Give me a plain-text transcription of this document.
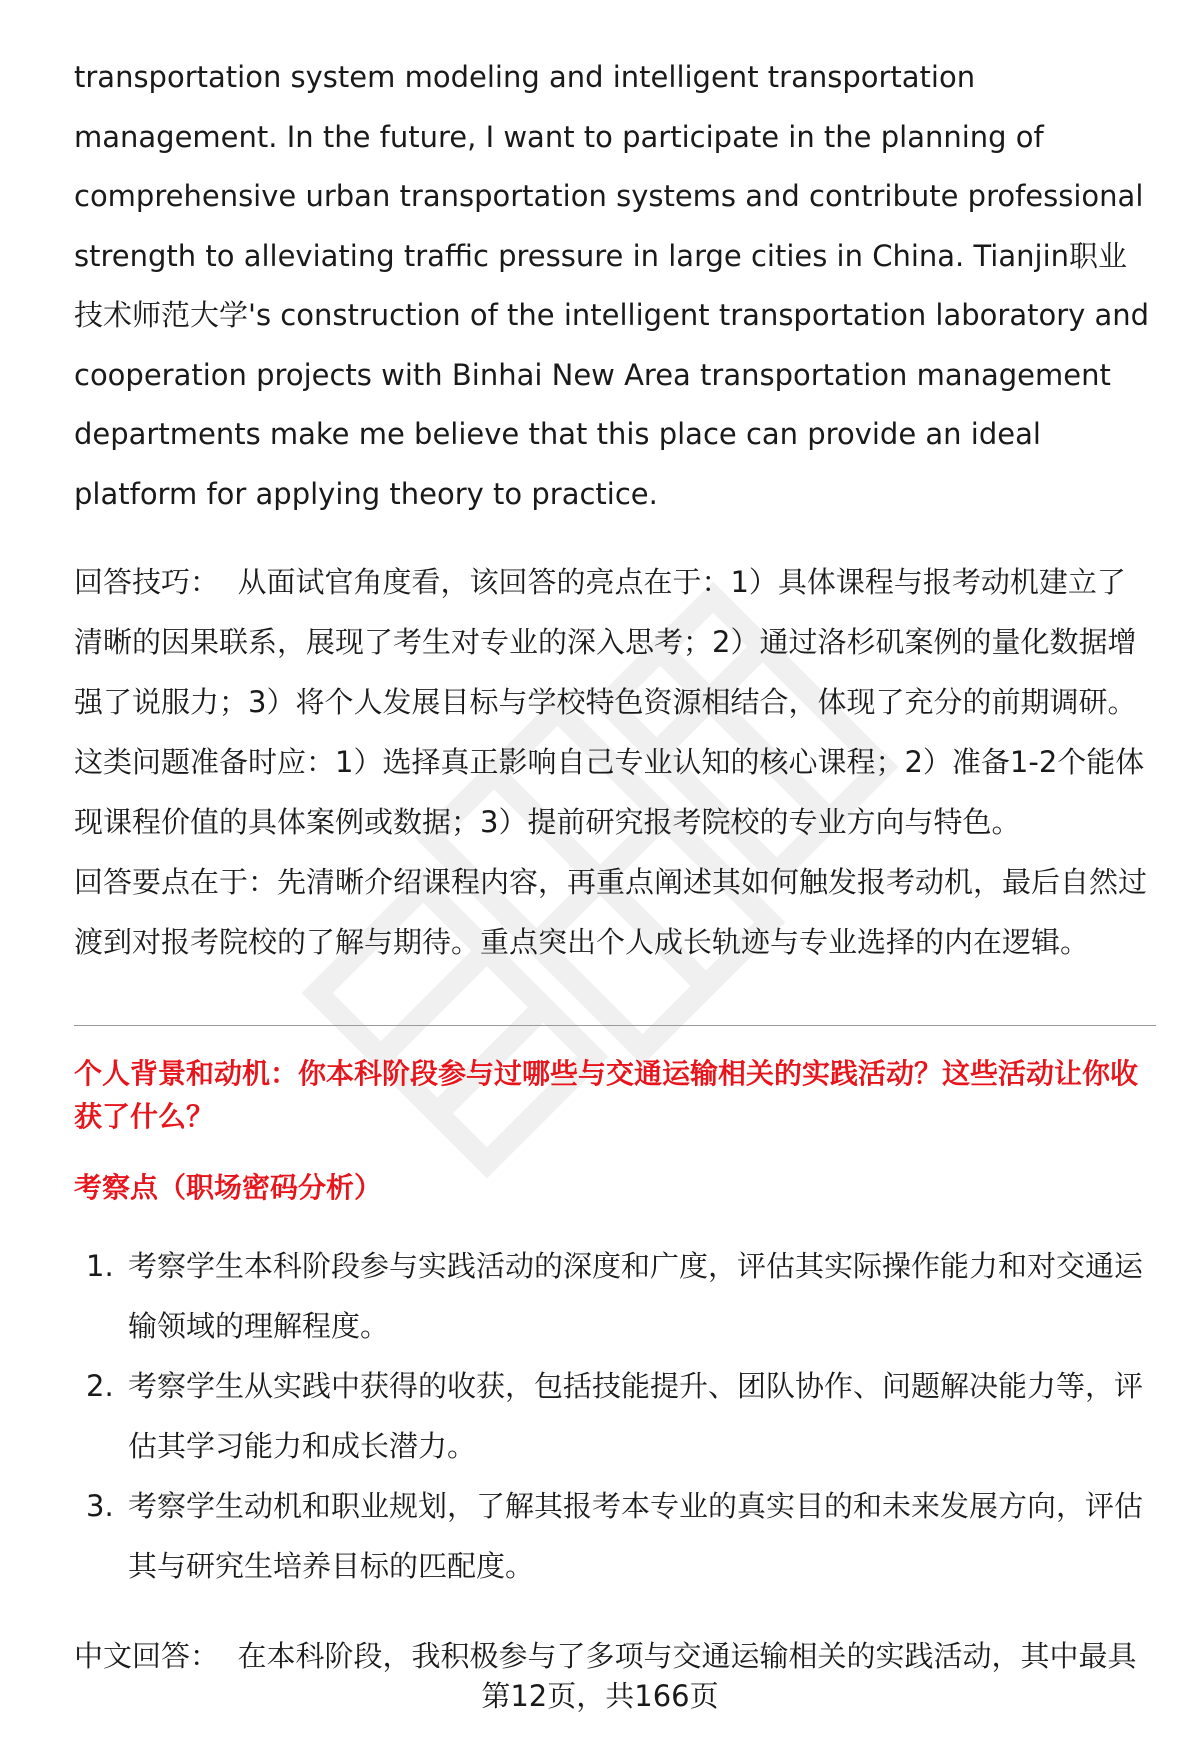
transportation system modeling and intelligent transportation management. In the future, I want to participate in the planning of comprehensive urban transportation systems and contribute professional strength to alleviating traffic pressure in large cities in China. Tianjin职业技术师范大学's construction of the intelligent transportation laboratory and cooperation projects with Binhai New Area transportation management departments make me believe that this place can provide an ideal platform for applying theory to practice.

回答技巧： 从面试官角度看，该回答的亮点在于：1）具体课程与报考动机建立了清晰的因果联系，展现了考生对专业的深入思考；2）通过洛杉矶案例的量化数据增强了说服力；3）将个人发展目标与学校特色资源相结合，体现了充分的前期调研。这类问题准备时应：1）选择真正影响自己专业认知的核心课程；2）准备1-2个能体现课程价值的具体案例或数据；3）提前研究报考院校的专业方向与特色。

回答要点在于：先清晰介绍课程内容，再重点阐述其如何触发报考动机，最后自然过渡到对报考院校的了解与期待。重点突出个人成长轨迹与专业选择的内在逻辑。

个人背景和动机：你本科阶段参与过哪些与交通运输相关的实践活动？这些活动让你收获了什么？

考察点（职场密码分析）

1. 考察学生本科阶段参与实践活动的深度和广度，评估其实际操作能力和对交通运输领域的理解程度。
2. 考察学生从实践中获得的收获，包括技能提升、团队协作、问题解决能力等，评估其学习能力和成长潜力。
3. 考察学生动机和职业规划，了解其报考本专业的真实目的和未来发展方向，评估其与研究生培养目标的匹配度。

中文回答： 在本科阶段，我积极参与了多项与交通运输相关的实践活动，其中最具

第12页，共166页
